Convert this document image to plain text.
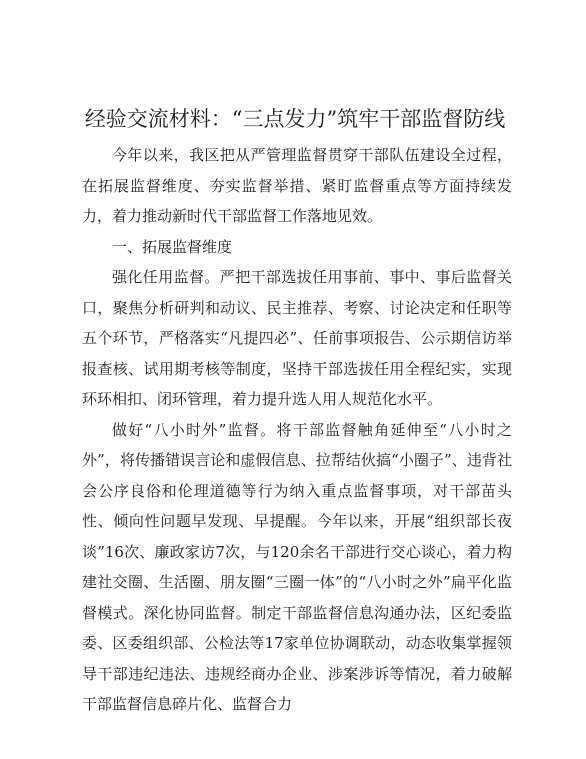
经验交流材料：“三点发力”筑牢干部监督防线

今年以来，我区把从严管理监督贯穿干部队伍建设全过程，在拓展监督维度、夯实监督举措、紧盯监督重点等方面持续发力，着力推动新时代干部监督工作落地见效。

一、拓展监督维度

强化任用监督。严把干部选拔任用事前、事中、事后监督关口，聚焦分析研判和动议、民主推荐、考察、讨论决定和任职等五个环节，严格落实“凡提四必”、任前事项报告、公示期信访举报查核、试用期考核等制度，坚持干部选拔任用全程纪实，实现环环相扣、闭环管理，着力提升选人用人规范化水平。

做好“八小时外”监督。将干部监督触角延伸至“八小时之外”，将传播错误言论和虚假信息、拉帮结伙搞“小圈子”、违背社会公序良俗和伦理道德等行为纳入重点监督事项，对干部苗头性、倾向性问题早发现、早提醒。今年以来，开展“组织部长夜谈”16次、廉政家访7次，与120余名干部进行交心谈心，着力构建社交圈、生活圈、朋友圈“三圈一体”的“八小时之外”扁平化监督模式。深化协同监督。制定干部监督信息沟通办法，区纪委监委、区委组织部、公检法等17家单位协调联动，动态收集掌握领导干部违纪违法、违规经商办企业、涉案涉诉等情况，着力破解干部监督信息碎片化、监督合力
